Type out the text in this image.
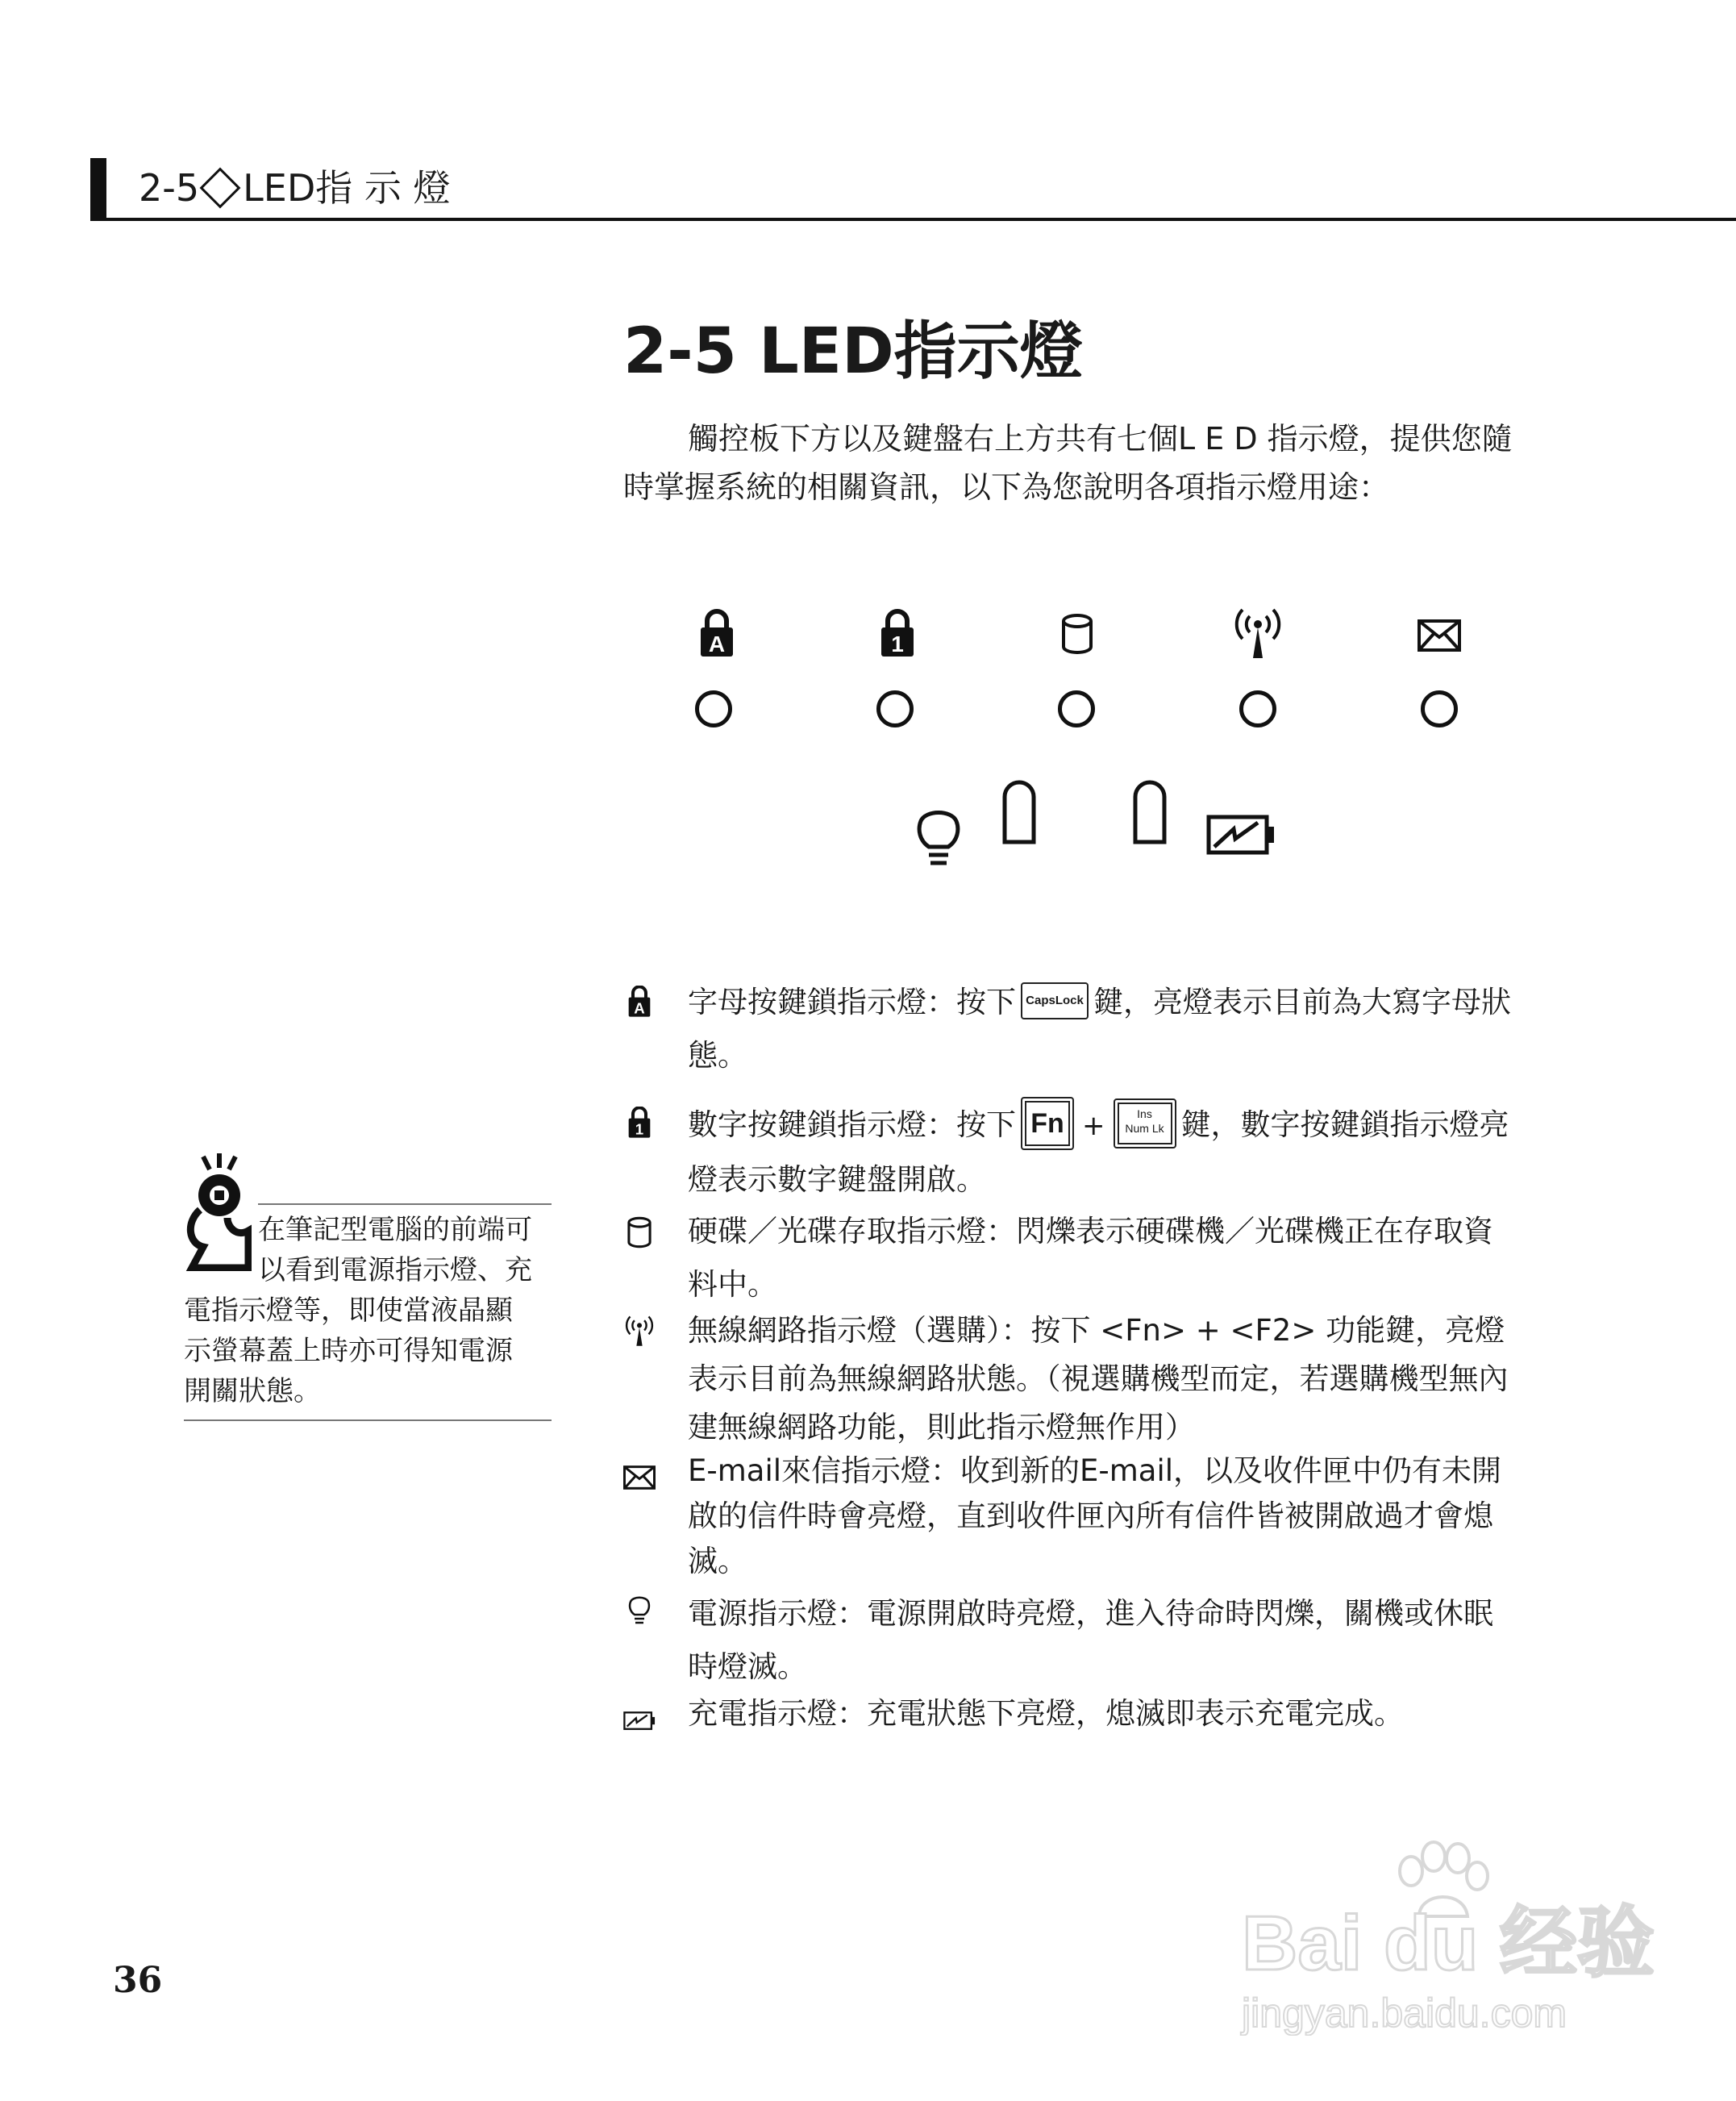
2-5 LED指 示 燈
2-5 LED指示燈

觸控板下方以及鍵盤右上方共有七個L E D 指示燈，提供您隨時掌握系統的相關資訊，以下為您說明各項指示燈用途：

A	1
A 字母按鍵鎖指示燈：按下 CapsLock 鍵，亮燈表示目前為大寫字母狀態。
1 數字按鍵鎖指示燈：按下 Fn +	Ins
Num Lk 鍵，數字按鍵鎖指示燈亮燈表示數字鍵盤開啟。
硬碟／光碟存取指示燈：閃爍表示硬碟機／光碟機正在存取資料中。
無線網路指示燈（選購）：按下 <Fn> + <F2> 功能鍵，亮燈表示目前為無線網路狀態。（視選購機型而定，若選購機型無內建無線網路功能，則此指示燈無作用）
E-mail來信指示燈：收到新的E-mail，以及收件匣中仍有未開啟的信件時會亮燈，直到收件匣內所有信件皆被開啟過才會熄滅。
電源指示燈：電源開啟時亮燈，進入待命時閃爍，關機或休眠時燈滅。
充電指示燈：充電狀態下亮燈，熄滅即表示充電完成。
在筆記型電腦的前端可
以看到電源指示燈、充
電指示燈等，即使當液晶顯
示螢幕蓋上時亦可得知電源
開關狀態。
36	Bai du 经验
jingyan.baidu.com
